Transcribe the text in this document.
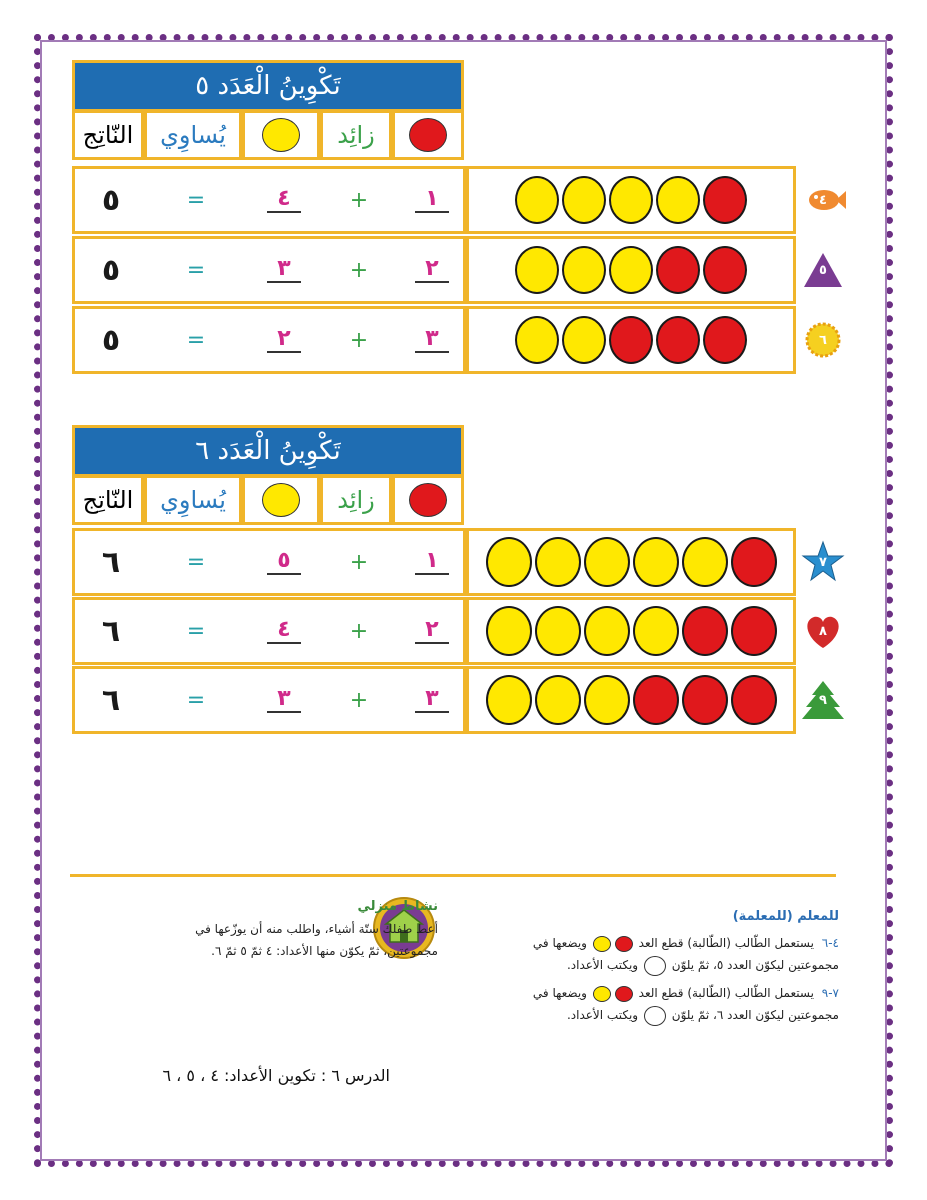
تَكْوِينُ الْعَدَد ٥
النّاتِج يُساوِي	زائِد
٥	=	٤	+	١	٤
٥	=	٣	+	٢	٥
٥	=	٢	+	٣	٦
تَكْوِينُ الْعَدَد ٦
النّاتِج يُساوِي	زائِد
٦	=	٥	+	١	٧
٦	=	٤	+	٢	٨
٦	=	٣	+	٣	٩
للمعلم (للمعلمة)
٤-٦ يستعمل الطّالب (الطّالبة) قطع العد  ويضعها في
مجموعتين ليكوّن العدد ٥، ثمّ يلوّن  ويكتب الأعداد.
٧-٩ يستعمل الطّالب (الطّالبة) قطع العد  ويضعها في
مجموعتين ليكوّن العدد ٦، ثمّ يلوّن  ويكتب الأعداد.
نشاط منزلي
أعط طفلك ستّة أشياء، واطلب منه أن يوزّعها في
مجموعتين، ثمّ يكوّن منها الأعداد: ٤ ثمّ ٥ ثمّ ٦.
الدرس ٦ : تكوين الأعداد: ٤ ، ٥ ، ٦
